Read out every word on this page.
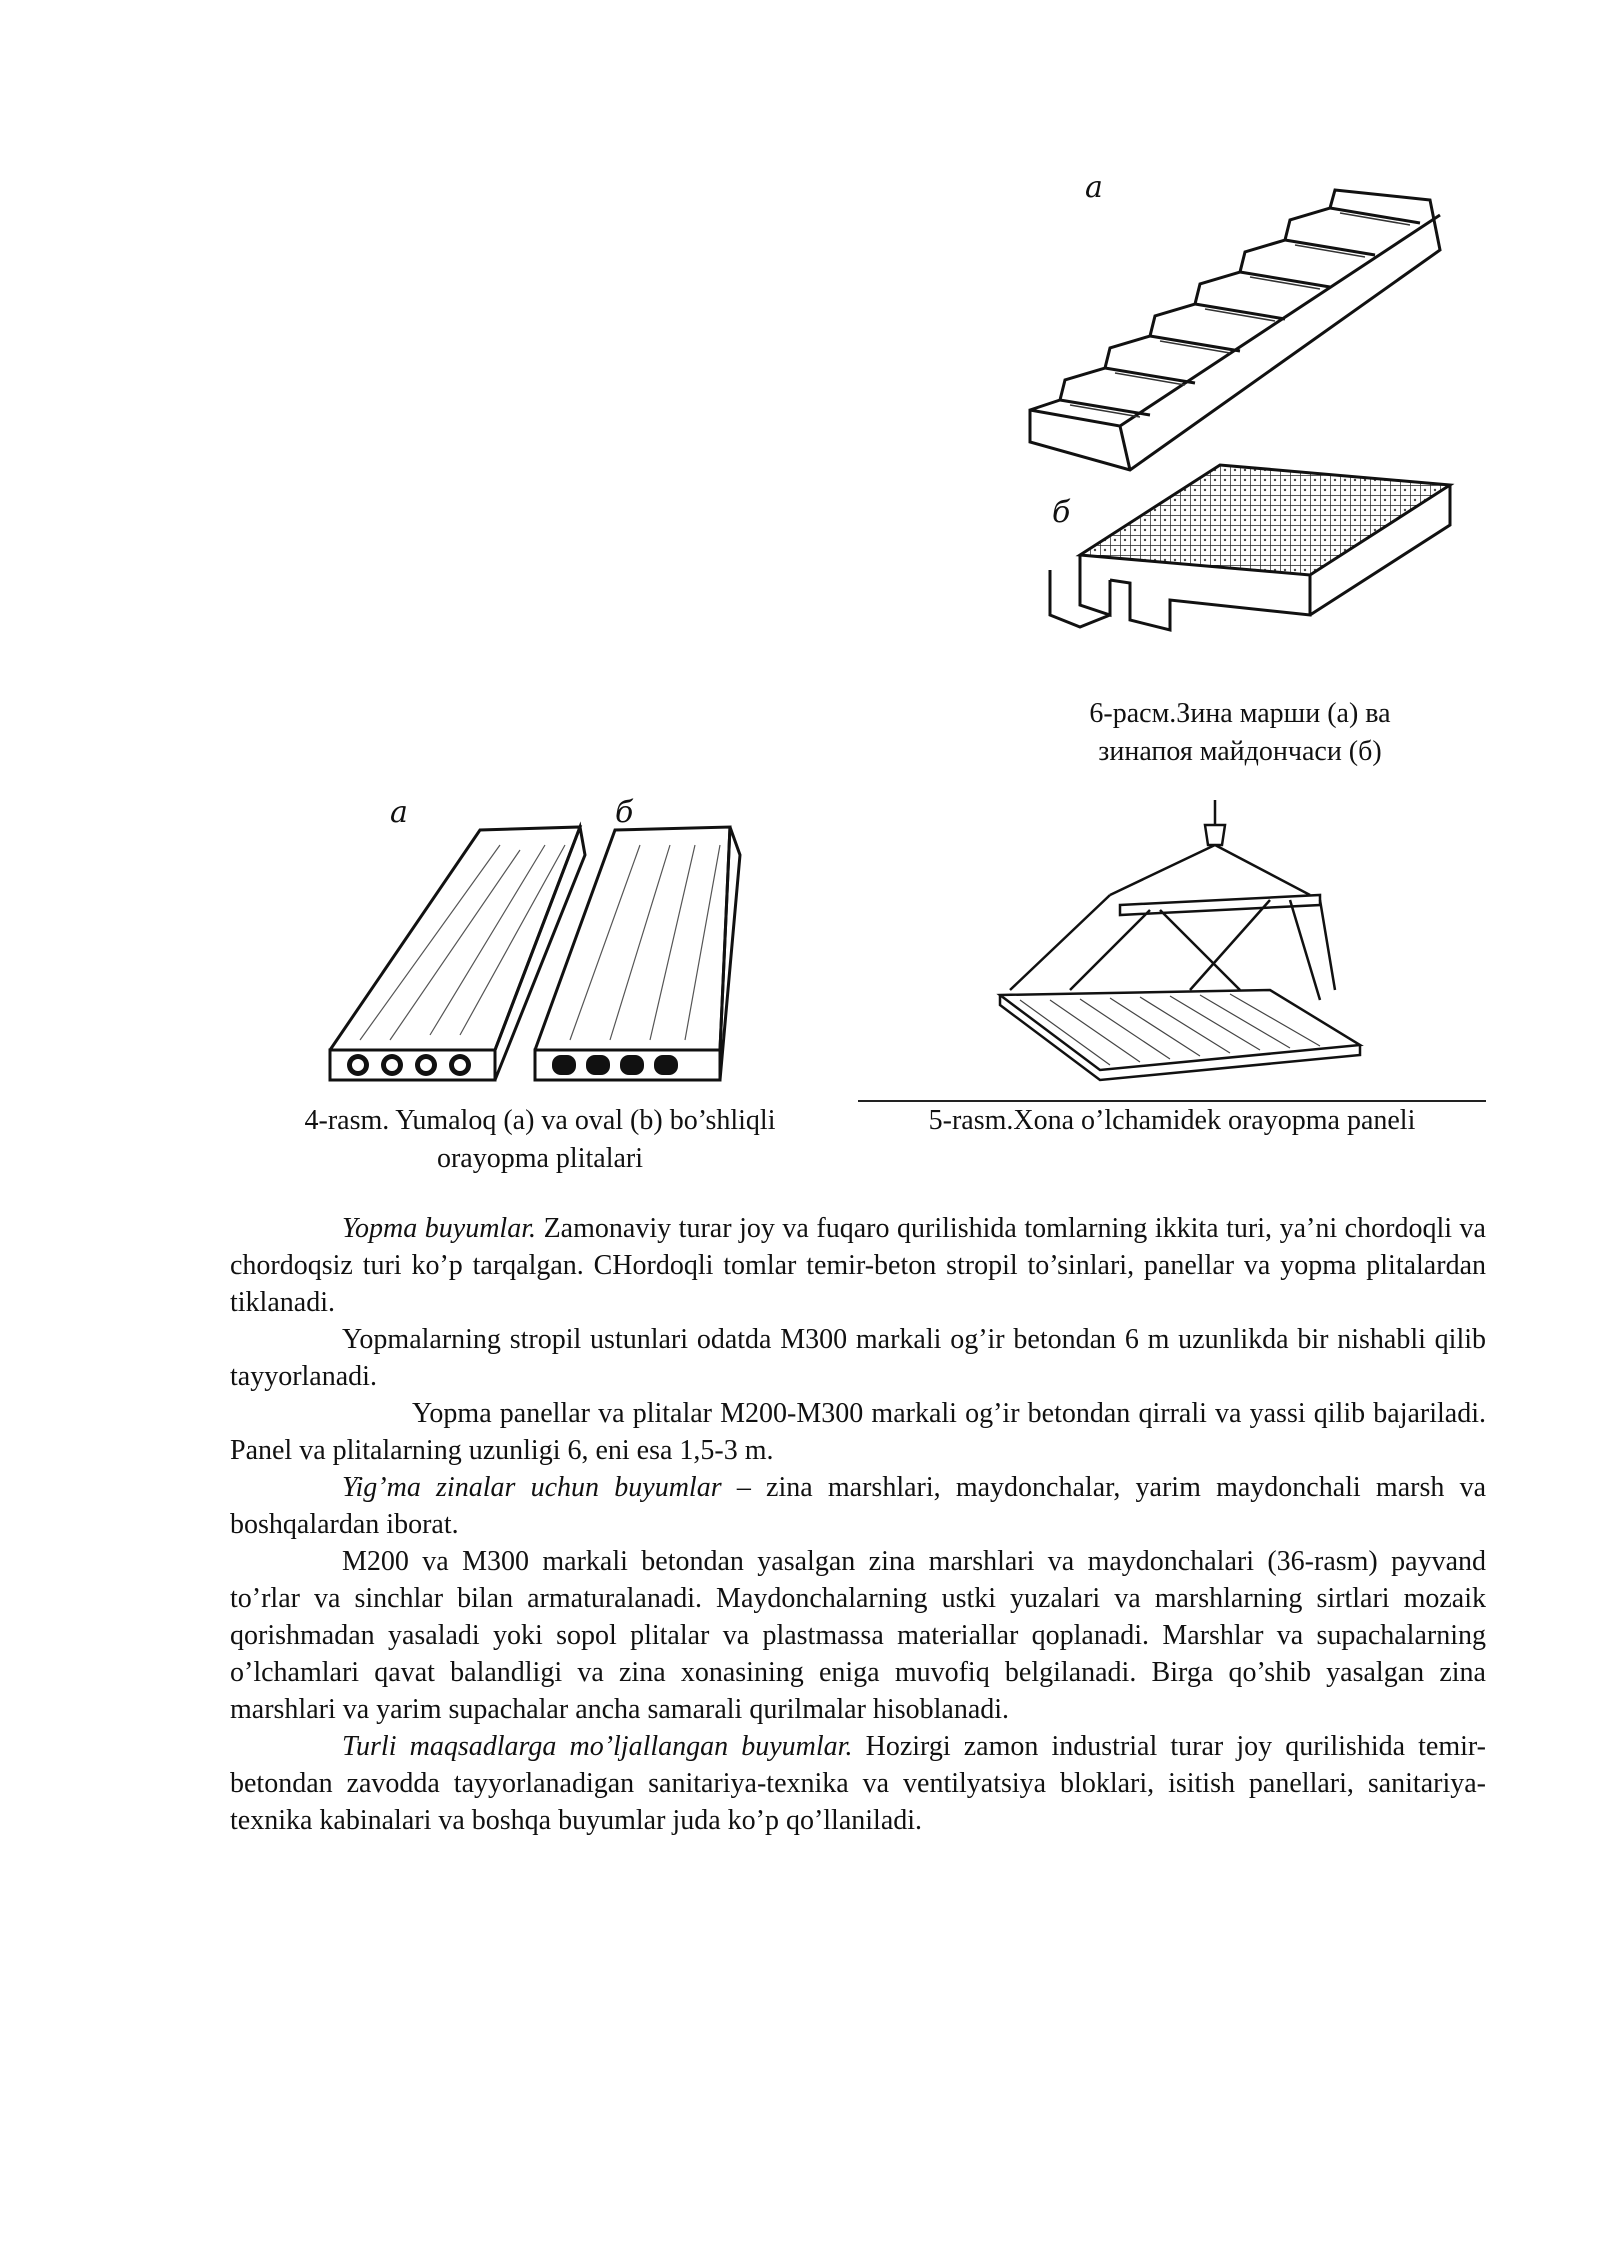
а
б
6-расм.Зина марши (а) ва
зинапоя майдончаси (б)
а	б
4-rasm. Yumaloq (a) va oval (b) bo’shliqli
orayopma plitalari
5-rasm.Xona o’lchamidek orayopma paneli

Yopma buyumlar. Zamonaviy turar joy va fuqaro qurilishida tomlarning ikkita turi, ya’ni chordoqli va chordoqsiz turi ko’p tarqalgan. CHordoqli tomlar temir-beton stropil to’sinlari, panellar va yopma plitalardan tiklanadi.

Yopmalarning stropil ustunlari odatda M300 markali og’ir betondan 6 m uzunlikda bir nishabli qilib tayyorlanadi.

Yopma panellar va plitalar M200-M300 markali og’ir betondan qirrali va yassi qilib bajariladi. Panel va plitalarning uzunligi 6, eni esa 1,5-3 m.

Yig’ma zinalar uchun buyumlar – zina marshlari, maydonchalar, yarim maydonchali marsh va boshqalardan iborat.

M200 va M300 markali betondan yasalgan zina marshlari va maydonchalari (36-rasm) payvand to’rlar va sinchlar bilan armaturalanadi. Maydonchalarning ustki yuzalari va marshlarning sirtlari mozaik qorishmadan yasaladi yoki sopol plitalar va plastmassa materiallar qoplanadi. Marshlar va supachalarning o’lchamlari qavat balandligi va zina xonasining eniga muvofiq belgilanadi. Birga qo’shib yasalgan zina marshlari va yarim supachalar ancha samarali qurilmalar hisoblanadi.

Turli maqsadlarga mo’ljallangan buyumlar. Hozirgi zamon industrial turar joy qurilishida temir-betondan zavodda tayyorlanadigan sanitariya-texnika va ventilyatsiya bloklari, isitish panellari, sanitariya-texnika kabinalari va boshqa buyumlar juda ko’p qo’llaniladi.
